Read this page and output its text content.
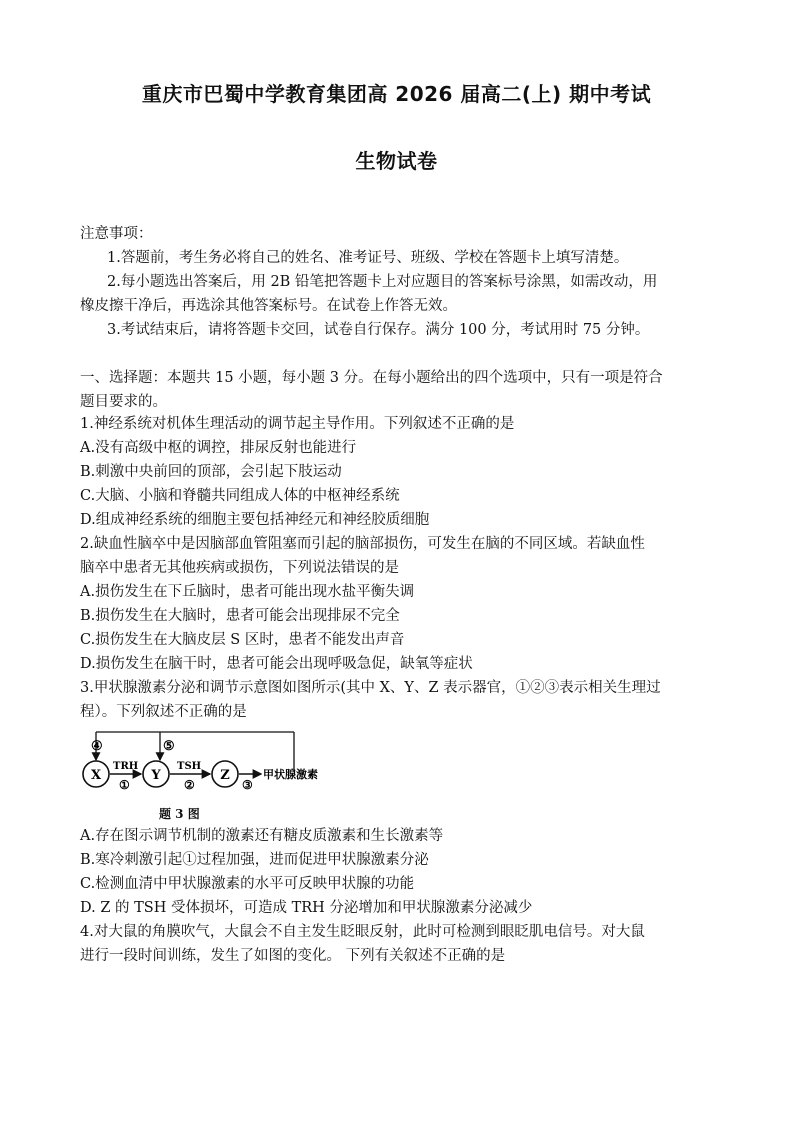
重庆市巴蜀中学教育集团高 2026 届高二(上) 期中考试
生物试卷
注意事项：
1.答题前，考生务必将自己的姓名、准考证号、班级、学校在答题卡上填写清楚。
2.每小题选出答案后，用 2B 铅笔把答题卡上对应题目的答案标号涂黑，如需改动，用
橡皮擦干净后，再选涂其他答案标号。在试卷上作答无效。
3.考试结束后，请将答题卡交回，试卷自行保存。满分 100 分，考试用时 75 分钟。
一、选择题：本题共 15 小题，每小题 3 分。在每小题给出的四个选项中，只有一项是符合
题目要求的。
1.神经系统对机体生理活动的调节起主导作用。下列叙述不正确的是
A.没有高级中枢的调控，排尿反射也能进行
B.刺激中央前回的顶部，会引起下肢运动
C.大脑、小脑和脊髓共同组成人体的中枢神经系统
D.组成神经系统的细胞主要包括神经元和神经胶质细胞
2.缺血性脑卒中是因脑部血管阻塞而引起的脑部损伤，可发生在脑的不同区域。若缺血性
脑卒中患者无其他疾病或损伤，下列说法错误的是
A.损伤发生在下丘脑时，患者可能出现水盐平衡失调
B.损伤发生在大脑时，患者可能会出现排尿不完全
C.损伤发生在大脑皮层 S 区时，患者不能发出声音
D.损伤发生在脑干时，患者可能会出现呼吸急促，缺氧等症状
3.甲状腺激素分泌和调节示意图如图所示(其中 X、Y、Z 表示器官，①②③表示相关生理过
程）。下列叙述不正确的是
④	⑤
X	Y	Z
TRH
①
TSH
②
甲状腺激素
③
题 3 图
A.存在图示调节机制的激素还有糖皮质激素和生长激素等
B.寒冷刺激引起①过程加强，进而促进甲状腺激素分泌
C.检测血清中甲状腺激素的水平可反映甲状腺的功能
D. Z 的 TSH 受体损坏，可造成 TRH 分泌增加和甲状腺激素分泌减少
4.对大鼠的角膜吹气，大鼠会不自主发生眨眼反射，此时可检测到眼眨肌电信号。对大鼠
进行一段时间训练，发生了如图的变化。 下列有关叙述不正确的是
